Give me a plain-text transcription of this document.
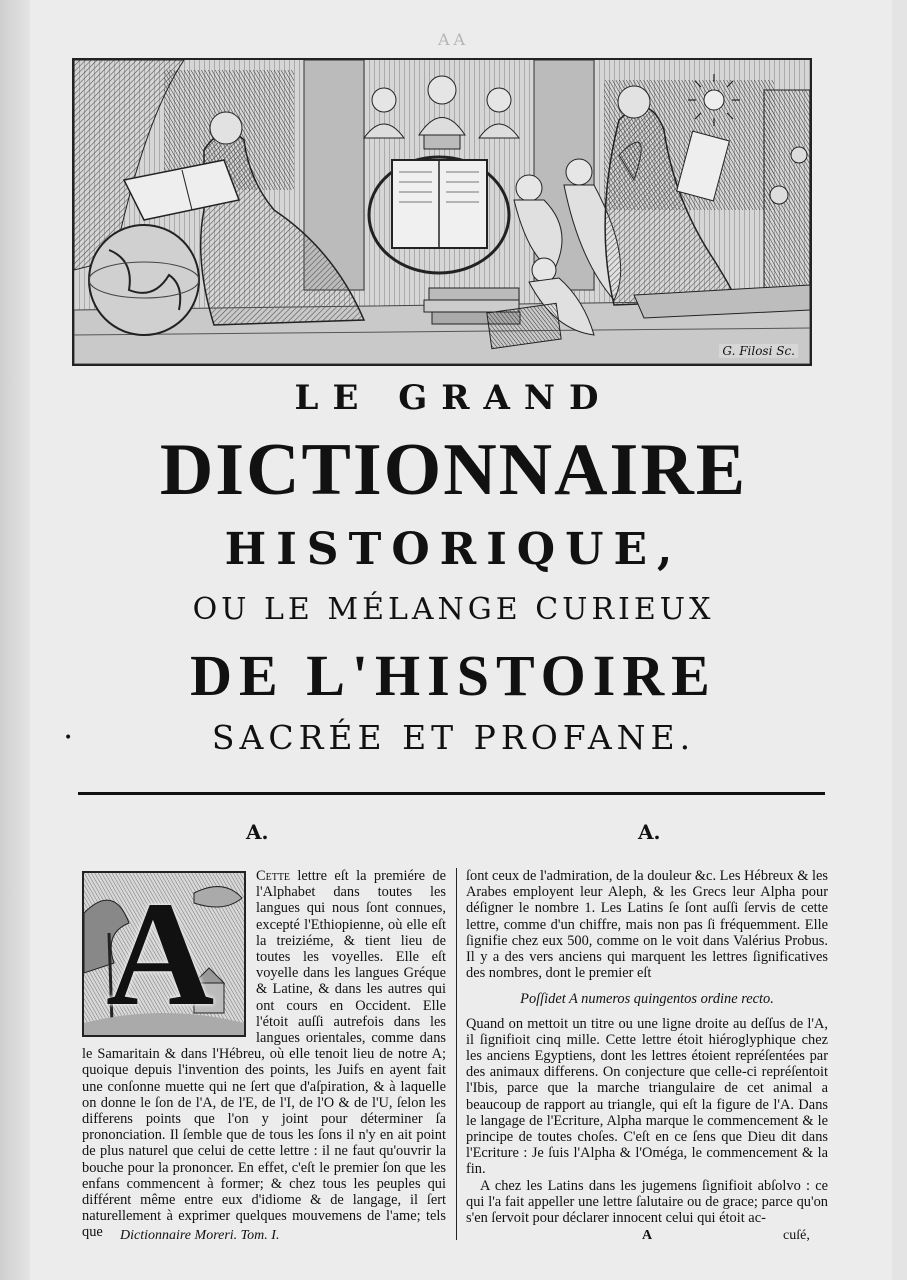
AA
G. Filosi Sc.
LE GRAND
DICTIONNAIRE
HISTORIQUE,
OU LE MÉLANGE CURIEUX
DE L'HISTOIRE
SACRÉE ET PROFANE.
•
A.	A.
A	Cette lettre eſt la premiére de l'Alphabet dans toutes les langues qui nous ſont connues, excepté l'Ethiopienne, où elle eſt la treiziéme, & tient lieu de toutes les voyelles. Elle eſt voyelle dans les langues Gréque & Latine, & dans les autres qui ont cours en Occident. Elle l'étoit auſſi autrefois dans les langues orientales, comme dans le Samaritain & dans l'Hébreu, où elle tenoit lieu de notre A; quoique depuis l'invention des points, les Juifs en ayent fait une conſonne muette qui ne ſert que d'aſpiration, & à laquelle on donne le ſon de l'A, de l'E, de l'I, de l'O & de l'U, ſelon les differens points que l'on y joint pour déterminer ſa prononciation. Il ſemble que de tous les ſons il n'y en ait point de plus naturel que celui de cette lettre : il ne faut qu'ouvrir la bouche pour la prononcer. En effet, c'eſt le premier ſon que les enfans commencent à former; & chez tous les peuples qui différent même entre eux d'idiome & de langage, il ſert naturellement à exprimer quelques mouvemens de l'ame; tels que

ſont ceux de l'admiration, de la douleur &c. Les Hébreux & les Arabes employent leur Aleph, & les Grecs leur Alpha pour déſigner le nombre 1. Les Latins ſe ſont auſſi ſervis de cette lettre, comme d'un chiffre, mais non pas ſi fréquemment. Elle ſignifie chez eux 500, comme on le voit dans Valérius Probus. Il y a des vers anciens qui marquent les lettres ſignificatives des nombres, dont le premier eſt

Poſſidet A numeros quingentos ordine recto.

Quand on mettoit un titre ou une ligne droite au deſſus de l'A, il ſignifioit cinq mille. Cette lettre étoit hiéroglyphique chez les anciens Egyptiens, dont les lettres étoient repréſentées par des animaux differens. On conjecture que celle-ci repréſentoit l'Ibis, parce que la marche triangulaire de cet animal a beaucoup de rapport au triangle, qui eſt la figure de l'A. Dans le langage de l'Ecriture, Alpha marque le commencement & le principe de toutes choſes. C'eſt en ce ſens que Dieu dit dans l'Ecriture : Je ſuis l'Alpha & l'Oméga, le commencement & la fin.

A chez les Latins dans les jugemens ſignifioit abſolvo : ce qui l'a fait appeller une lettre ſalutaire ou de grace; parce qu'on s'en ſervoit pour déclarer innocent celui qui étoit ac-

Dictionnaire Moreri. Tom. I.	A	cuſé,
